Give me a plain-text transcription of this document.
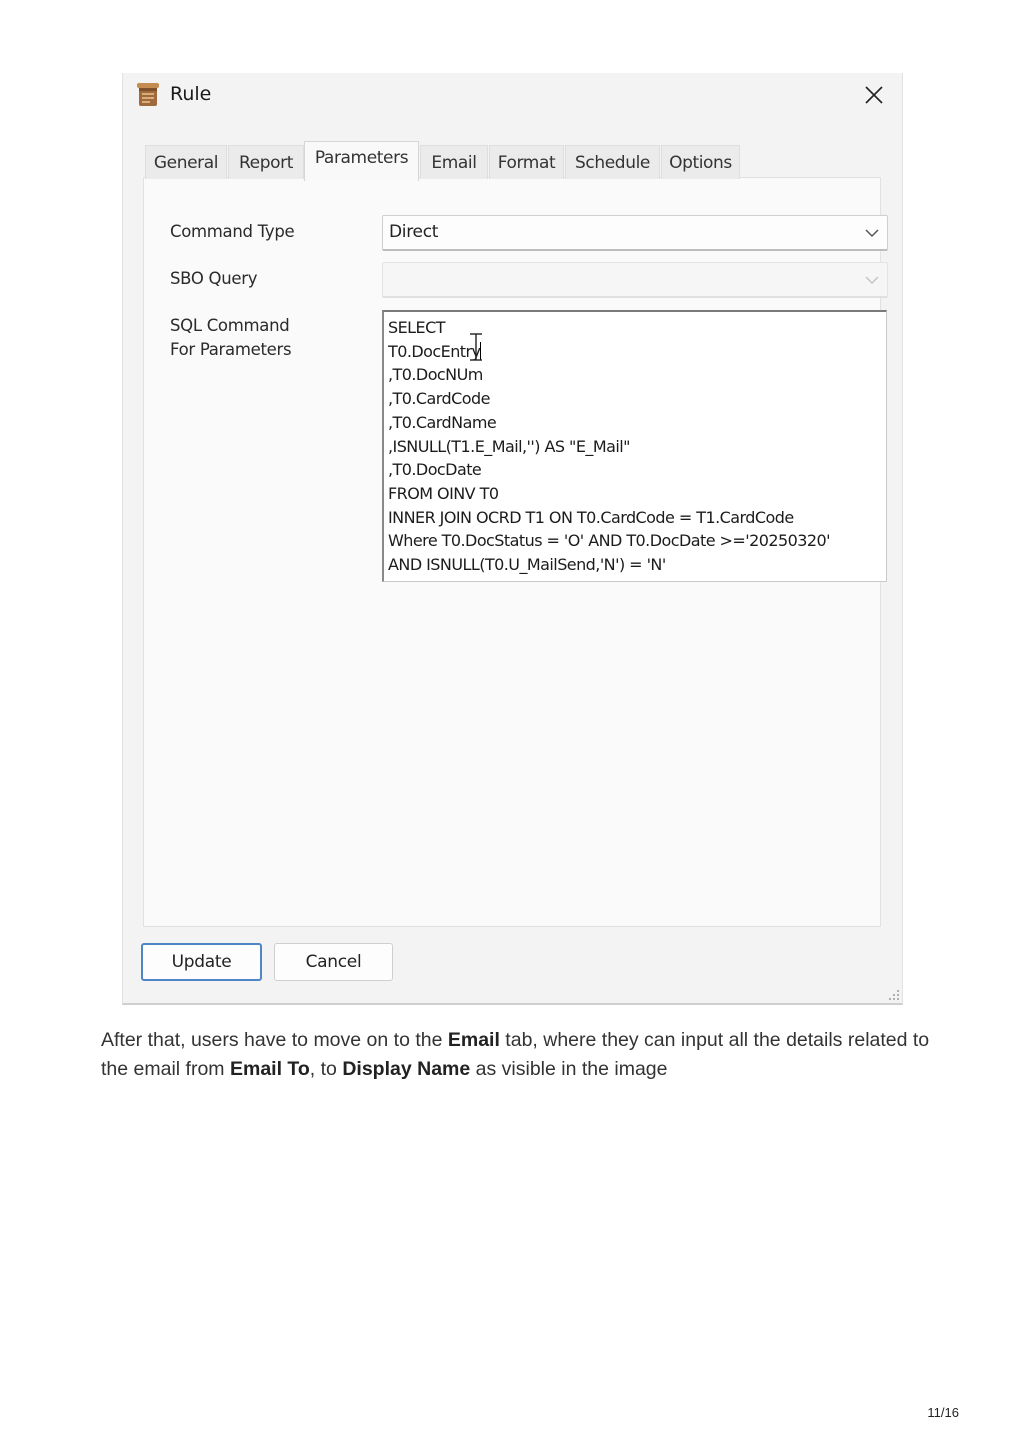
Rule
Command Type	Direct
SBO Query
SQL Command
For Parameters
SELECT
T0.DocEntry
,T0.DocNUm
,T0.CardCode
,T0.CardName
,ISNULL(T1.E_Mail,'') AS "E_Mail"
,T0.DocDate
FROM OINV T0
INNER JOIN OCRD T1 ON T0.CardCode = T1.CardCode
Where T0.DocStatus = 'O' AND T0.DocDate >='20250320'
AND ISNULL(T0.U_MailSend,'N') = 'N'
General	Report	Parameters	Email	Format	Schedule	Options
Update	Cancel

After that, users have to move on to the Email tab, where they can input all the details related to the email from Email To, to Display Name as visible in the image

11/16
